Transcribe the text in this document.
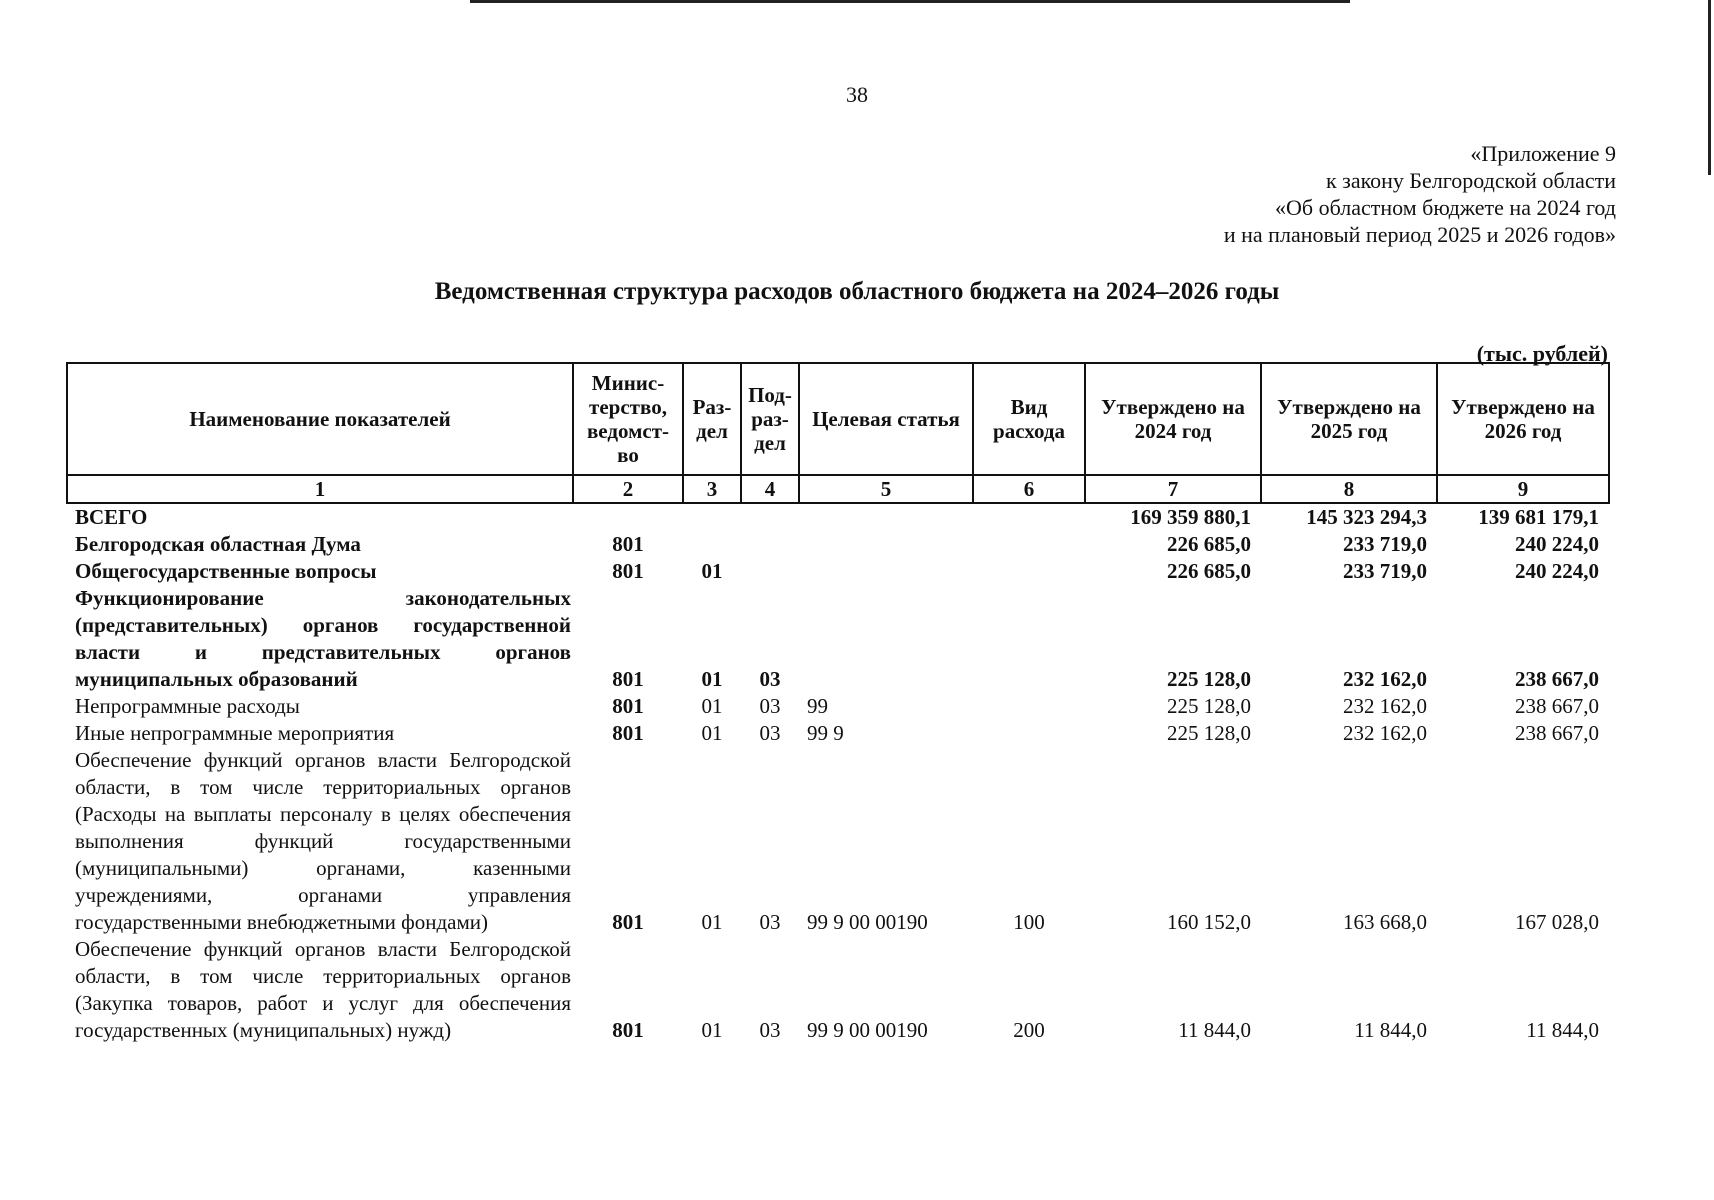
38
«Приложение 9
к закону Белгородской области
«Об областном бюджете на 2024 год
и на плановый период 2025 и 2026 годов»
Ведомственная структура расходов областного бюджета на 2024–2026 годы
(тыс. рублей)
Наименование показателей	Минис-терство, ведомст-во	Раз-дел	Под-раз-дел	Целевая статья	Вид расхода	Утверждено на 2024 год	Утверждено на 2025 год	Утверждено на 2026 год
1	2	3	4	5	6	7	8	9
ВСЕГО						169 359 880,1	145 323 294,3	139 681 179,1
Белгородская областная Дума	801					226 685,0	233 719,0	240 224,0
Общегосударственные вопросы	801	01				226 685,0	233 719,0	240 224,0
Функционирование законодательных (представительных) органов государственной власти и представительных органов муниципальных образований	801	01	03			225 128,0	232 162,0	238 667,0
Непрограммные расходы	801	01	03	99		225 128,0	232 162,0	238 667,0
Иные непрограммные мероприятия	801	01	03	99 9		225 128,0	232 162,0	238 667,0
Обеспечение функций органов власти Белгородской области, в том числе территориальных органов (Расходы на выплаты персоналу в целях обеспечения выполнения функций государственными (муниципальными) органами, казенными учреждениями, органами управления государственными внебюджетными фондами)	801	01	03	99 9 00 00190	100	160 152,0	163 668,0	167 028,0
Обеспечение функций органов власти Белгородской области, в том числе территориальных органов (Закупка товаров, работ и услуг для обеспечения государственных (муниципальных) нужд)	801	01	03	99 9 00 00190	200	11 844,0	11 844,0	11 844,0
